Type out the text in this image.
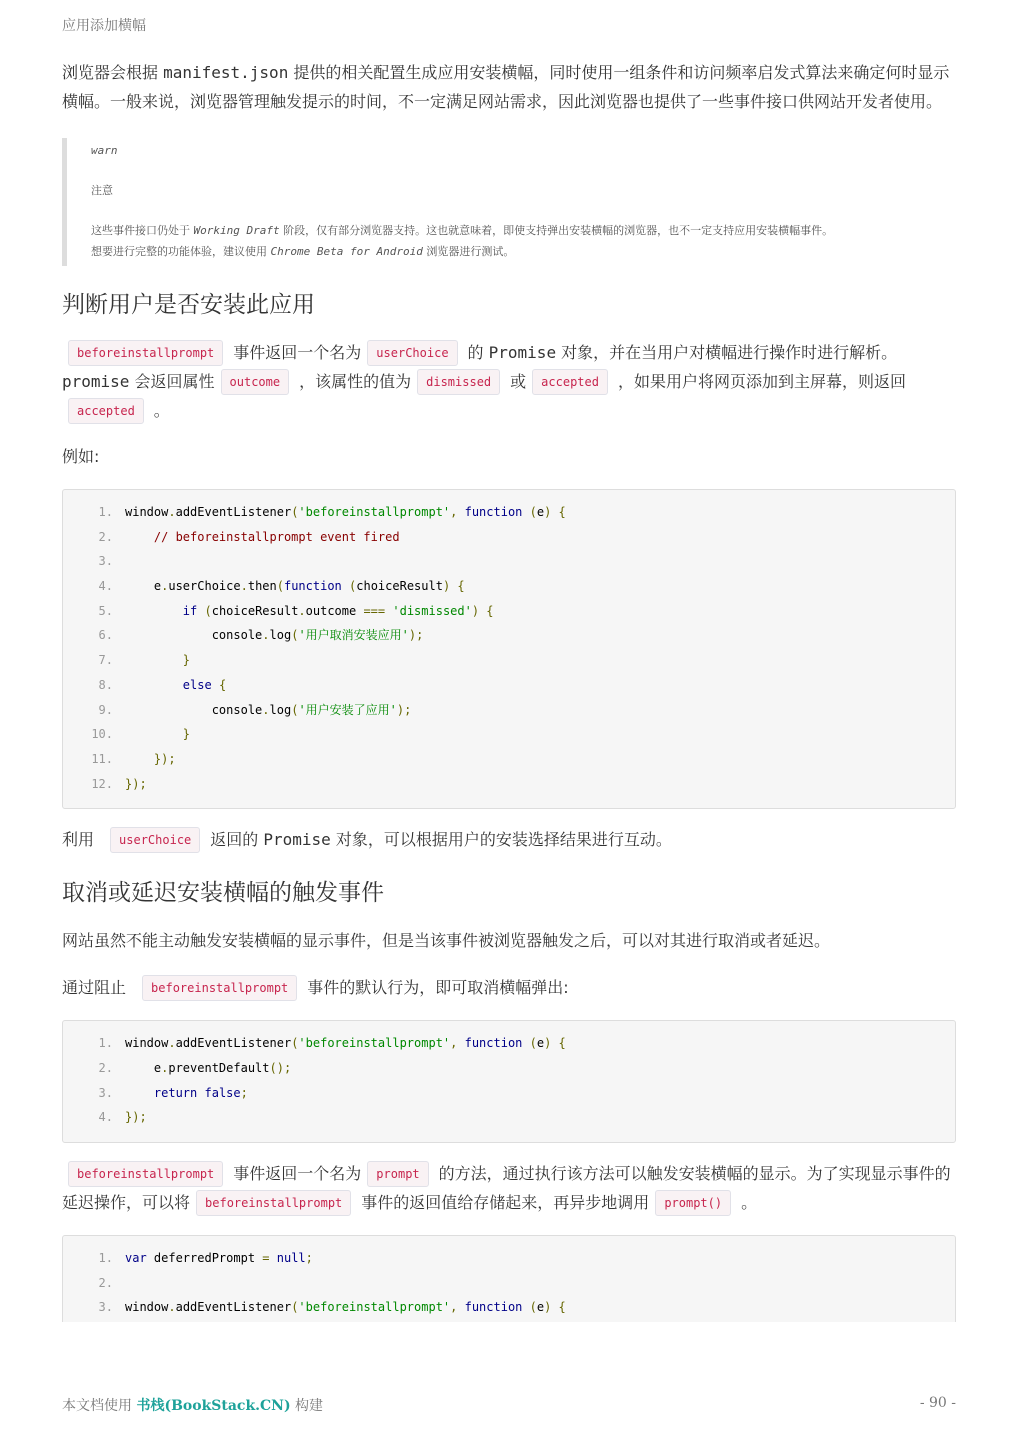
应用添加横幅

浏览器会根据 manifest.json 提供的相关配置生成应用安装横幅，同时使用一组条件和访问频率启发式算法来确定何时显示横幅。一般来说，浏览器管理触发提示的时间，不一定满足网站需求，因此浏览器也提供了一些事件接口供网站开发者使用。

warn
注意
这些事件接口仍处于 Working Draft 阶段，仅有部分浏览器支持。这也就意味着，即使支持弹出安装横幅的浏览器，也不一定支持应用安装横幅事件。
想要进行完整的功能体验，建议使用 Chrome Beta for Android 浏览器进行测试。
判断用户是否安装此应用

beforeinstallprompt 事件返回一个名为 userChoice 的 Promise 对象，并在当用户对横幅进行操作时进行解析。promise 会返回属性 outcome ，该属性的值为 dismissed 或 accepted ，如果用户将网页添加到主屏幕，则返回accepted 。

例如:

1.	window.addEventListener('beforeinstallprompt', function (e) {
2.	// beforeinstallprompt event fired
3.
4.	e.userChoice.then(function (choiceResult) {
5.	if (choiceResult.outcome === 'dismissed') {
6.	console.log('用户取消安装应用');
7.	}
8.	else {
9.	console.log('用户安装了应用');
10.	}
11.	});
12.	});

利用 userChoice 返回的 Promise 对象，可以根据用户的安装选择结果进行互动。

取消或延迟安装横幅的触发事件

网站虽然不能主动触发安装横幅的显示事件，但是当该事件被浏览器触发之后，可以对其进行取消或者延迟。

通过阻止 beforeinstallprompt 事件的默认行为，即可取消横幅弹出:

1.	window.addEventListener('beforeinstallprompt', function (e) {
2.	e.preventDefault();
3.	return false;
4.	});

beforeinstallprompt 事件返回一个名为 prompt 的方法，通过执行该方法可以触发安装横幅的显示。为了实现显示事件的延迟操作，可以将 beforeinstallprompt 事件的返回值给存储起来，再异步地调用 prompt() 。

1.	var deferredPrompt = null;
2.
3.	window.addEventListener('beforeinstallprompt', function (e) {
本文档使用 书栈(BookStack.CN) 构建	- 90 -
